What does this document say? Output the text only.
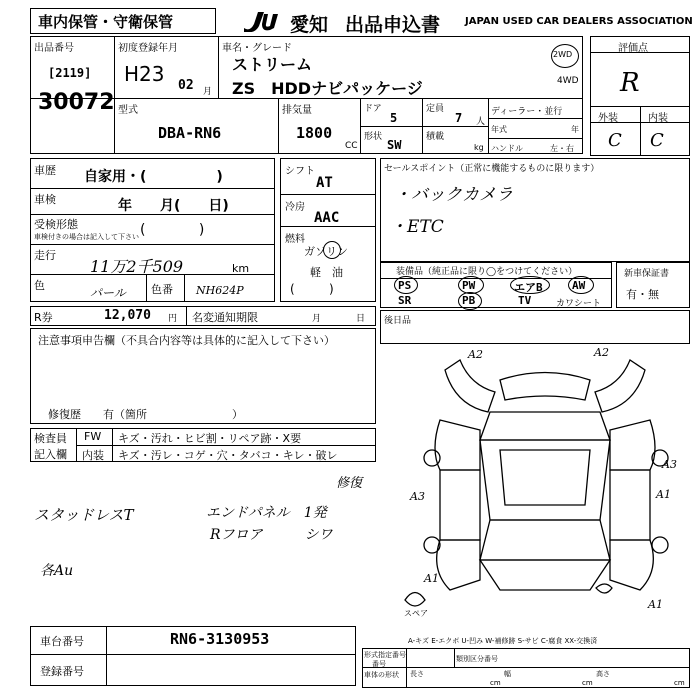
車内保管・守衛保管	愛知 出品申込書 JAPAN USED CAR DEALERS ASSOCIATION
出品番号
[2119]
30072
初度登録年月
H23 02 月
車名・グレード
ストリーム
ZS　HDDナビパッケージ
2WD
4WD
型式
DBA-RN6
排気量
1800
CC
ドア
5
定員
7 人
形状
SW
積載
kg
ディーラー・並行
年式	年
ハンドル	左・右
評価点
R
外装	内装
C C
車歴 自家用・(　　　　　)
車検	年　　月(　　日)
受検形態
車検付きの場合は記入して下さい (            )
走行
11万2千509	km
色
パール 色番 NH624P
シフト
AT
冷房
AAC
燃料
ガソリン
軽　油
(         )
セールスポイント（正常に機能するものに限ります）
・バックカメラ
・ETC
装備品（純正品に限り◯をつけてください）
PS	PW	エアB	AW
SR	PB	TV	カワシート
新車保証書
有・無
R券	12,070 円 名変通知期限	月	日 後日品
注意事項申告欄（不具合内容等は具体的に記入して下さい）
修復歴　　有（箇所	）
検査員
記入欄
FW キズ・汚れ・ヒビ割・リペア跡・X要
内装 キズ・汚レ・コゲ・穴・タバコ・キレ・破レ
スタッドレスT	エンドパネル　1発
Rフロア　　　シワ
修復
各Au
車台番号	RN6-3130953
登録番号
A2	A2
A3
A1
A3
A1
A1
スペア
A-キズ E-エクボ U-凹み W-補修跡 S-サビ C-腐食 XX-交換済
形式指定番号
番号
類別区分番号
長さ	幅	高さ
cm	cm	cm
車体の形状
